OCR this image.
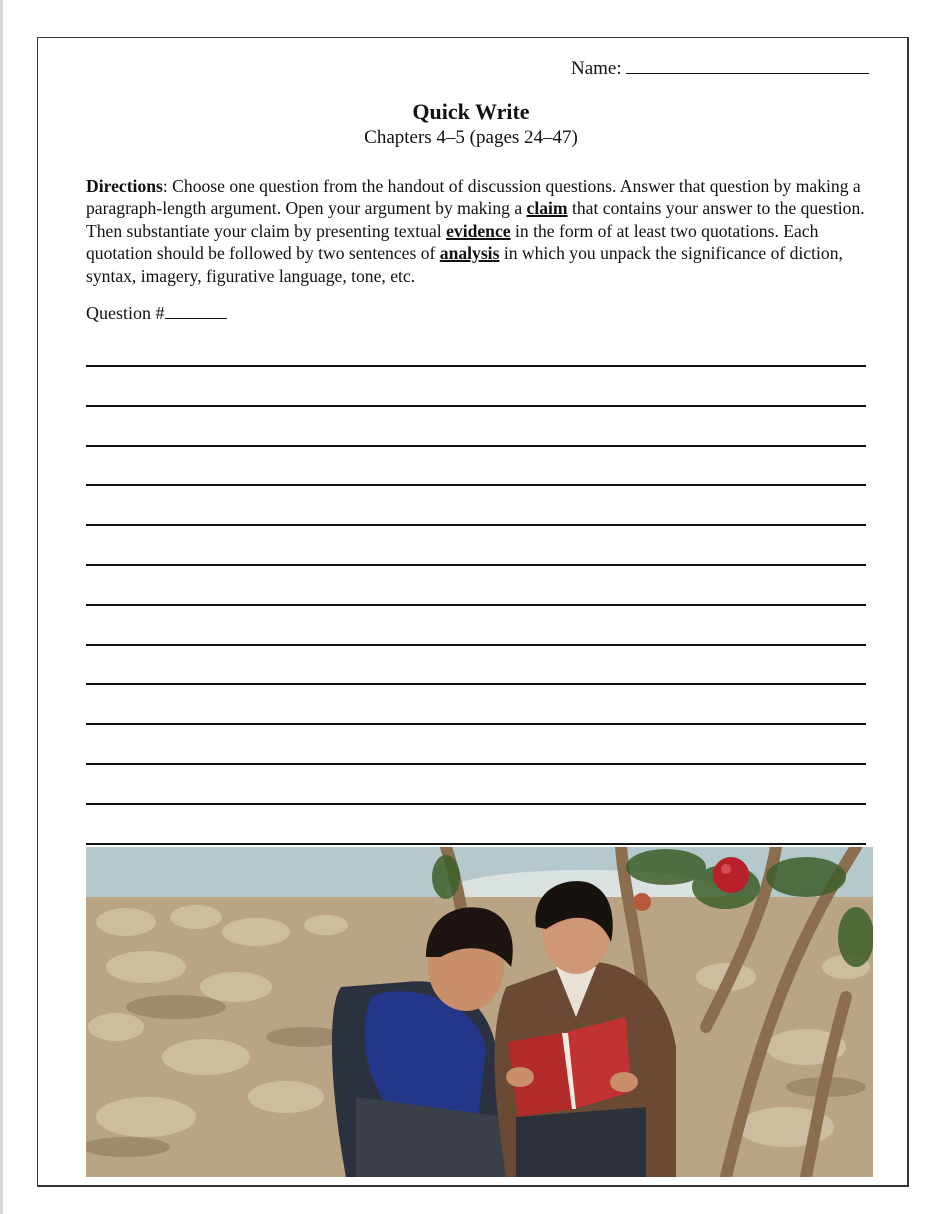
Name:
Quick Write
Chapters 4–5 (pages 24–47)
Directions: Choose one question from the handout of discussion questions. Answer that question by making a paragraph-length argument. Open your argument by making a claim that contains your answer to the question. Then substantiate your claim by presenting textual evidence in the form of at least two quotations. Each quotation should be followed by two sentences of analysis in which you unpack the significance of diction, syntax, imagery, figurative language, tone, etc.
Question #
